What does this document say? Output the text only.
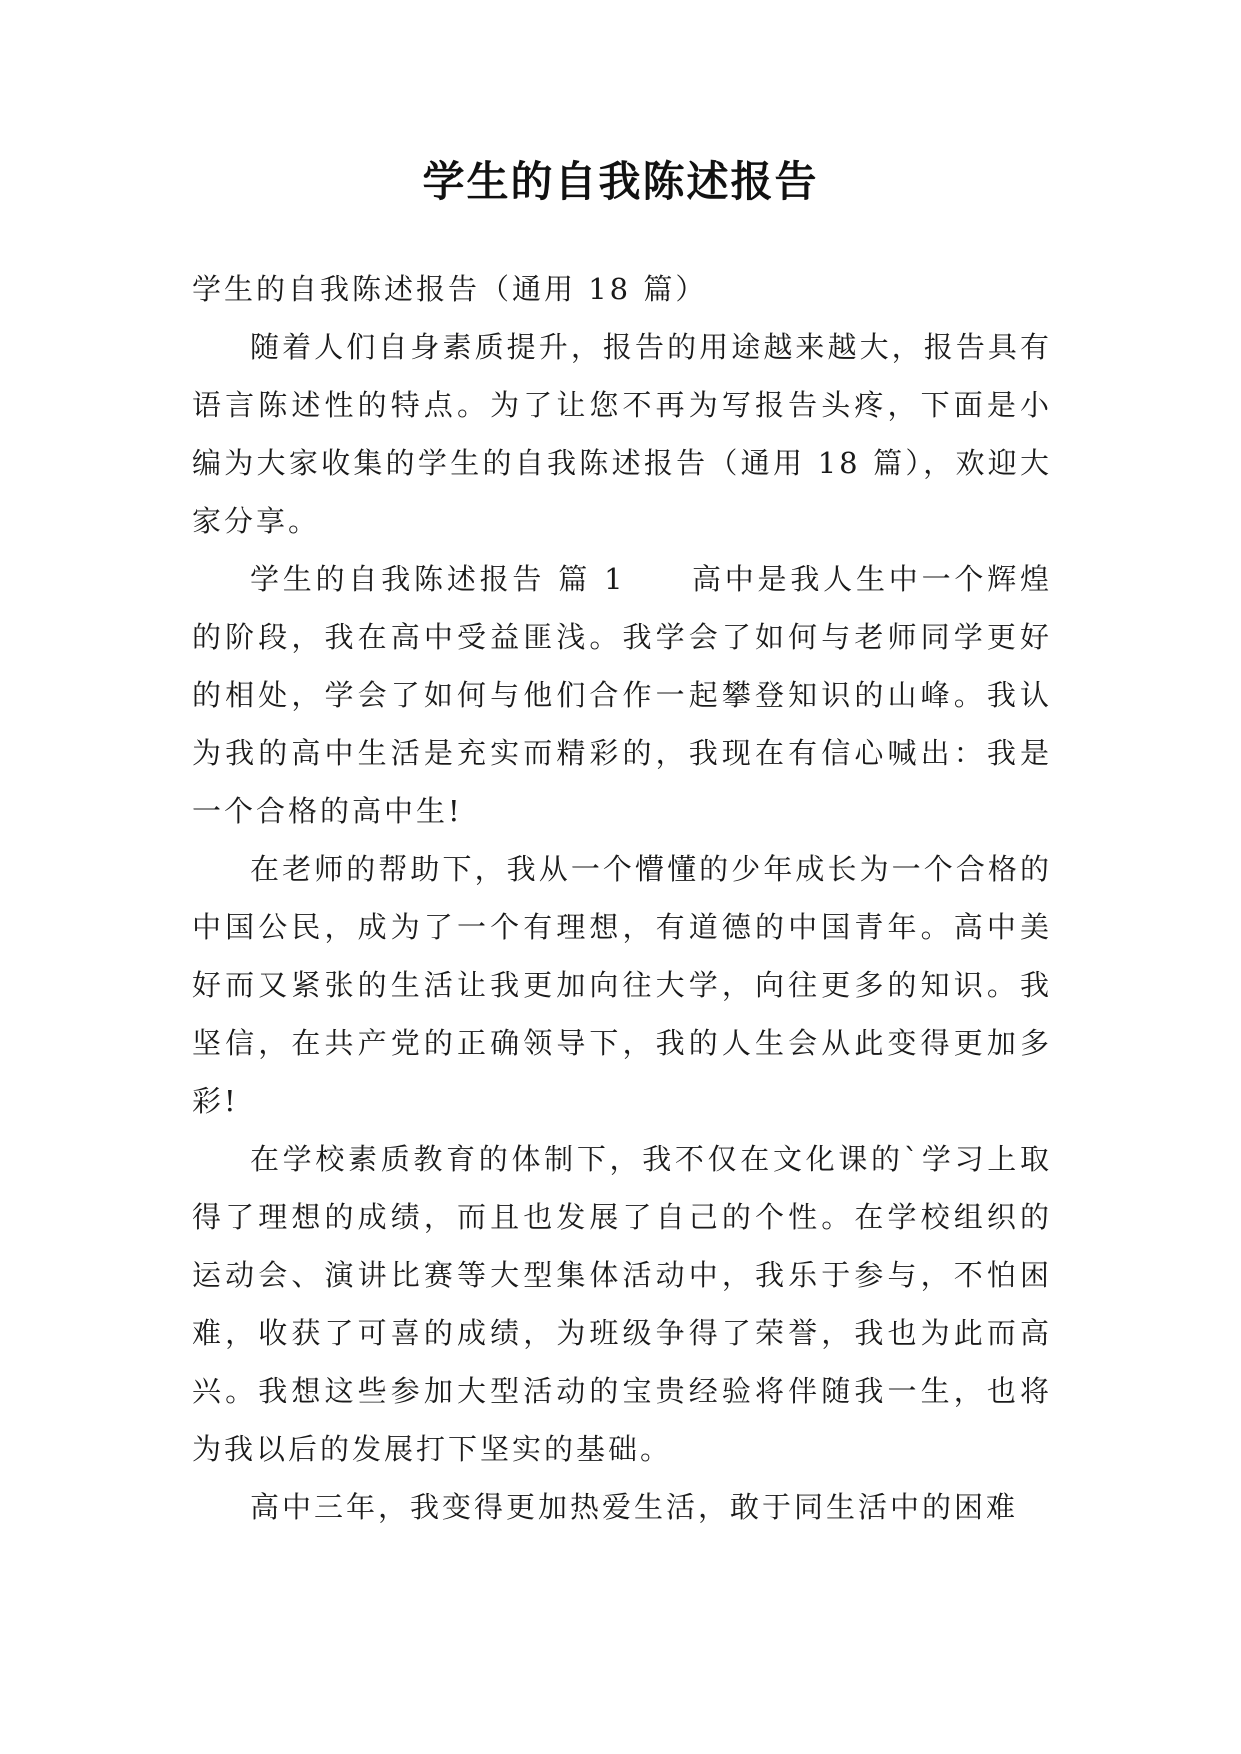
学生的自我陈述报告

学生的自我陈述报告（通用 18 篇）

随着人们自身素质提升，报告的用途越来越大，报告具有语言陈述性的特点。为了让您不再为写报告头疼，下面是小编为大家收集的学生的自我陈述报告（通用 18 篇），欢迎大家分享。

学生的自我陈述报告 篇 1　　高中是我人生中一个辉煌的阶段，我在高中受益匪浅。我学会了如何与老师同学更好的相处，学会了如何与他们合作一起攀登知识的山峰。我认为我的高中生活是充实而精彩的，我现在有信心喊出：我是一个合格的高中生!

在老师的帮助下，我从一个懵懂的少年成长为一个合格的中国公民，成为了一个有理想，有道德的中国青年。高中美好而又紧张的生活让我更加向往大学，向往更多的知识。我坚信，在共产党的正确领导下，我的人生会从此变得更加多彩!

在学校素质教育的体制下，我不仅在文化课的`学习上取得了理想的成绩，而且也发展了自己的个性。在学校组织的运动会、演讲比赛等大型集体活动中，我乐于参与，不怕困难，收获了可喜的成绩，为班级争得了荣誉，我也为此而高兴。我想这些参加大型活动的宝贵经验将伴随我一生，也将为我以后的发展打下坚实的基础。

高中三年，我变得更加热爱生活，敢于同生活中的困难
